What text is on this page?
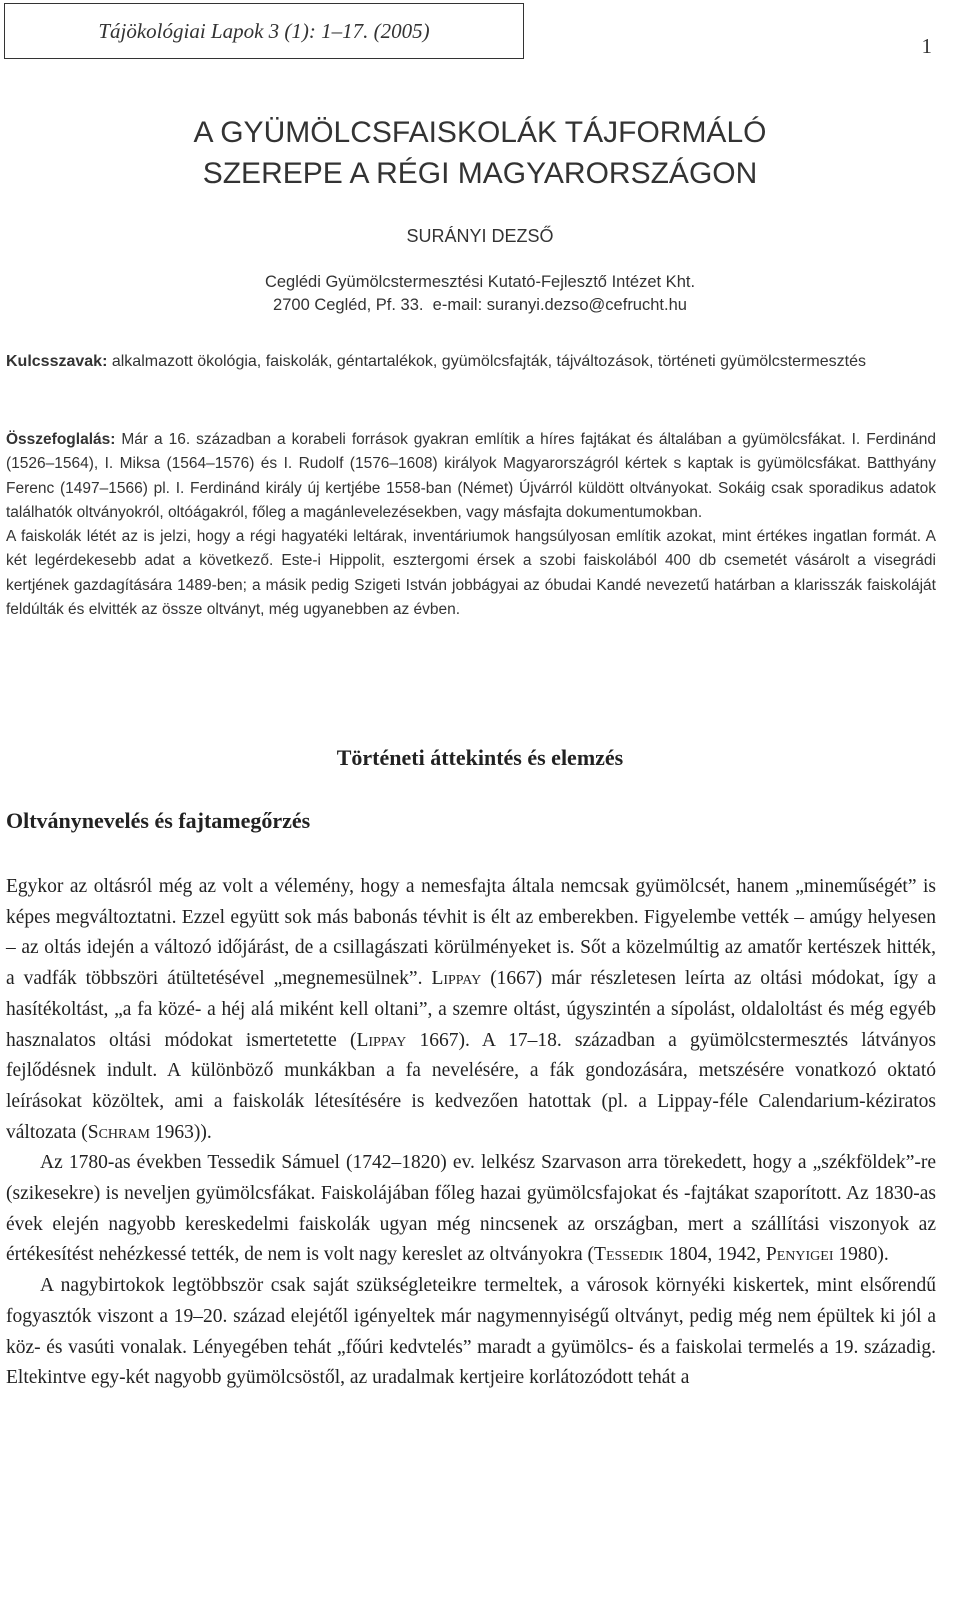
Tájökológiai Lapok 3 (1): 1–17. (2005)
1
A GYÜMÖLCSFAISKOLÁK TÁJFORMÁLÓ
SZEREPE A RÉGI MAGYARORSZÁGON
SURÁNYI DEZSŐ
Ceglédi Gyümölcstermesztési Kutató-Fejlesztő Intézet Kht.
2700 Cegléd, Pf. 33.  e-mail: suranyi.dezso@cefrucht.hu
Kulcsszavak: alkalmazott ökológia, faiskolák, géntartalékok, gyümölcsfajták, tájváltozások, történeti gyümölcstermesztés

Összefoglalás: Már a 16. században a korabeli források gyakran említik a híres fajtákat és általában a gyümölcsfákat. I. Ferdinánd (1526–1564), I. Miksa (1564–1576) és I. Rudolf (1576–1608) királyok Magyarországról kértek s kaptak is gyümölcsfákat. Batthyány Ferenc (1497–1566) pl. I. Ferdinánd király új kertjébe 1558-ban (Német) Újvárról küldött oltványokat. Sokáig csak sporadikus adatok találhatók oltványokról, oltóágakról, főleg a magánlevelezésekben, vagy másfajta dokumentumokban.

A faiskolák létét az is jelzi, hogy a régi hagyatéki leltárak, inventáriumok hangsúlyosan említik azokat, mint értékes ingatlan formát. A két legérdekesebb adat a következő. Este-i Hippolit, esztergomi érsek a szobi faiskolából 400 db csemetét vásárolt a visegrádi kertjének gazdagítására 1489-ben; a másik pedig Szigeti István jobbágyai az óbudai Kandé nevezetű határban a klarisszák faiskoláját feldúlták és elvitték az össze oltványt, még ugyanebben az évben.

Történeti áttekintés és elemzés
Oltványnevelés és fajtamegőrzés

Egykor az oltásról még az volt a vélemény, hogy a nemesfajta általa nemcsak gyümölcsét, hanem „mineműségét” is képes megváltoztatni. Ezzel együtt sok más babonás tévhit is élt az emberekben. Figyelembe vették – amúgy helyesen – az oltás idején a változó időjárást, de a csillagászati körülményeket is. Sőt a közelmúltig az amatőr kertészek hitték, a vadfák többszöri átültetésével „megnemesülnek”. Lippay (1667) már részletesen leírta az oltási módokat, így a hasítékoltást, „a fa közé- a héj alá miként kell oltani”, a szemre oltást, úgyszintén a sípolást, oldaloltást és még egyéb hasznalatos oltási módokat ismertetette (Lippay 1667). A 17–18. században a gyümölcstermesztés látványos fejlődésnek indult. A különböző munkákban a fa nevelésére, a fák gondozására, metszésére vonatkozó oktató leírásokat közöltek, ami a faiskolák létesítésére is kedvezően hatottak (pl. a Lippay-féle Calendarium-kéziratos változata (Schram 1963)).

Az 1780-as években Tessedik Sámuel (1742–1820) ev. lelkész Szarvason arra törekedett, hogy a „székföldek”-re (szikesekre) is neveljen gyümölcsfákat. Faiskolájában főleg hazai gyümölcsfajokat és -fajtákat szaporított. Az 1830-as évek elején nagyobb kereskedelmi faiskolák ugyan még nincsenek az országban, mert a szállítási viszonyok az értékesítést nehézkessé tették, de nem is volt nagy kereslet az oltványokra (Tessedik 1804, 1942, Penyigei 1980).

A nagybirtokok legtöbbször csak saját szükségleteikre termeltek, a városok környéki kiskertek, mint elsőrendű fogyasztók viszont a 19–20. század elejétől igényeltek már nagymennyiségű oltványt, pedig még nem épültek ki jól a köz- és vasúti vonalak. Lényegében tehát „főúri kedvtelés” maradt a gyümölcs- és a faiskolai termelés a 19. századig. Eltekintve egy-két nagyobb gyümölcsöstől, az uradalmak kertjeire korlátozódott tehát a
